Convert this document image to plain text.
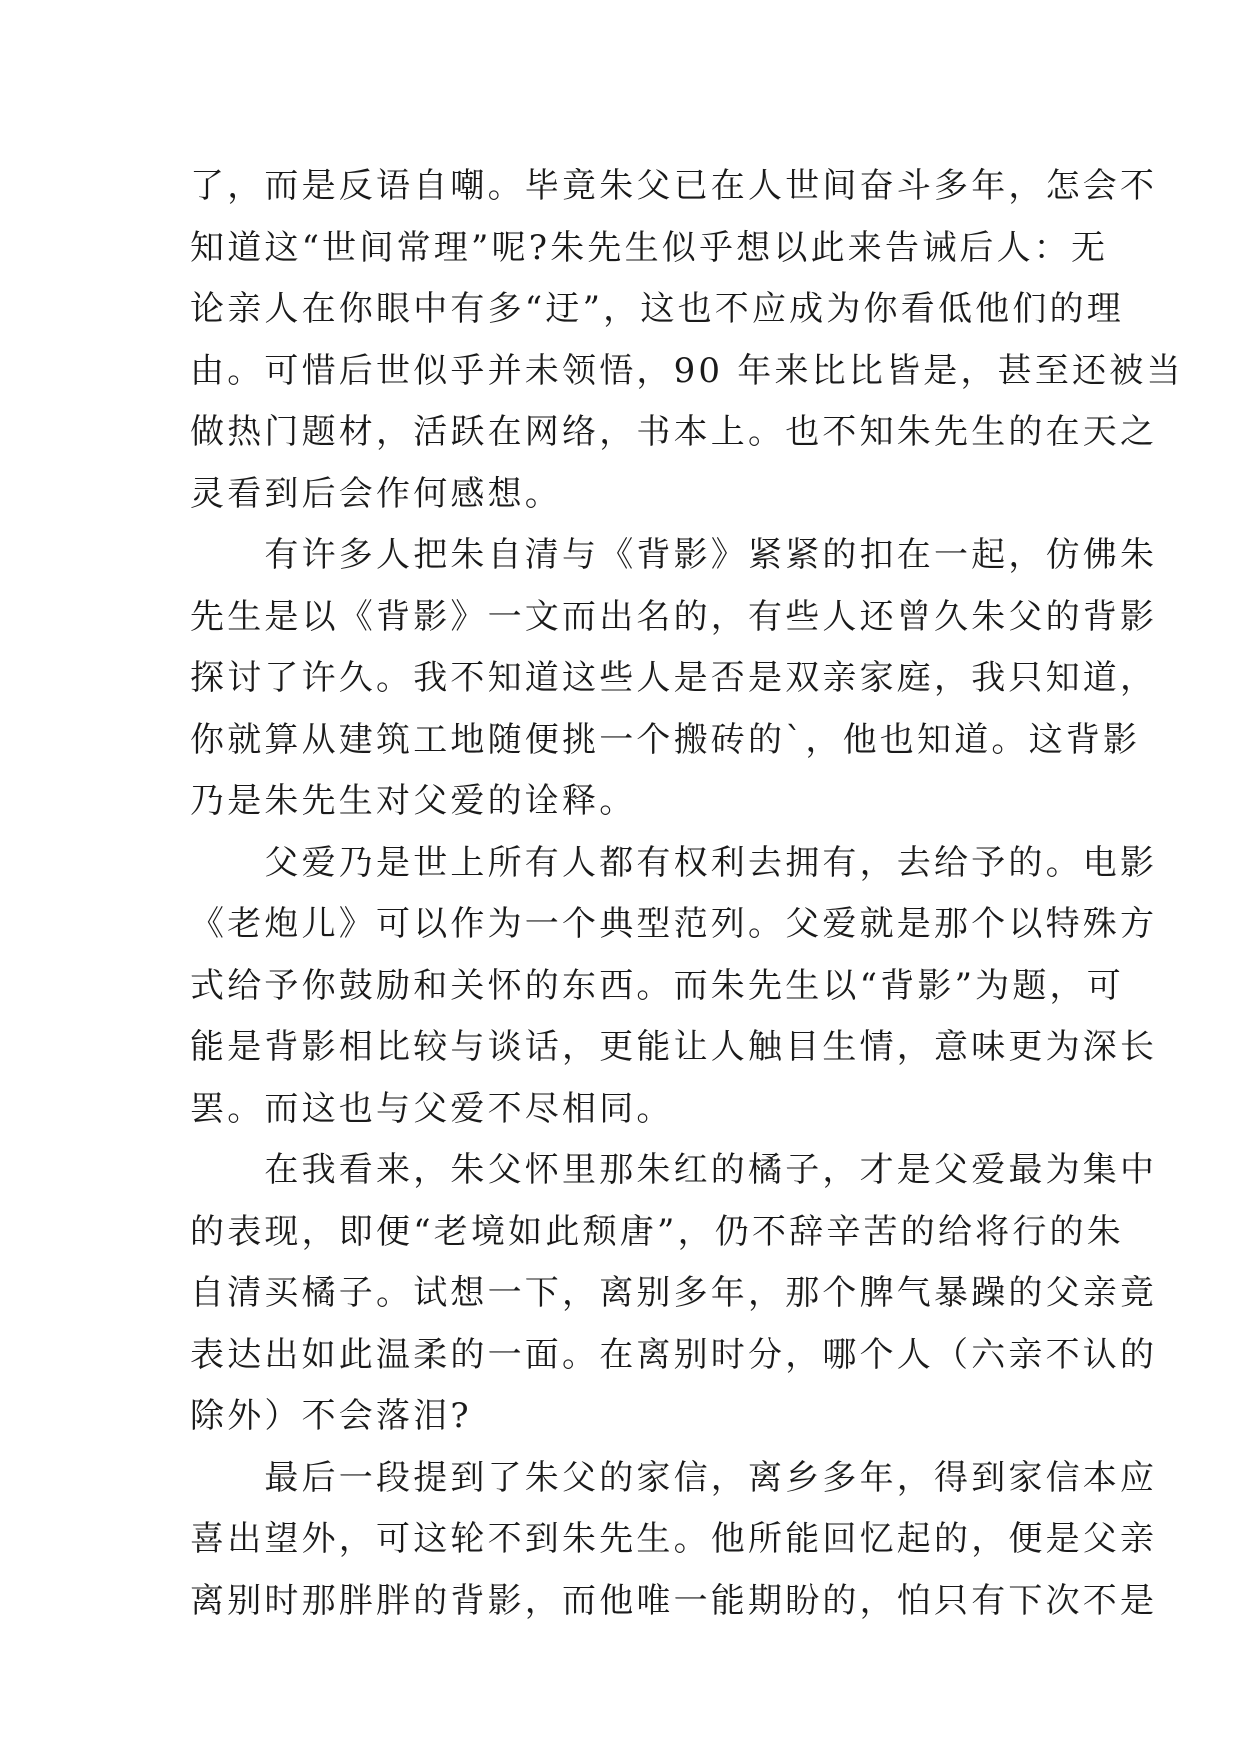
了，而是反语自嘲。毕竟朱父已在人世间奋斗多年，怎会不
知道这“世间常理”呢?朱先生似乎想以此来告诫后人：无
论亲人在你眼中有多“迂”，这也不应成为你看低他们的理
由。可惜后世似乎并未领悟，90 年来比比皆是，甚至还被当
做热门题材，活跃在网络，书本上。也不知朱先生的在天之
灵看到后会作何感想。
　　有许多人把朱自清与《背影》紧紧的扣在一起，仿佛朱
先生是以《背影》一文而出名的，有些人还曾久朱父的背影
探讨了许久。我不知道这些人是否是双亲家庭，我只知道，
你就算从建筑工地随便挑一个搬砖的`，他也知道。这背影
乃是朱先生对父爱的诠释。
　　父爱乃是世上所有人都有权利去拥有，去给予的。电影
《老炮儿》可以作为一个典型范列。父爱就是那个以特殊方
式给予你鼓励和关怀的东西。而朱先生以“背影”为题，可
能是背影相比较与谈话，更能让人触目生情，意味更为深长
罢。而这也与父爱不尽相同。
　　在我看来，朱父怀里那朱红的橘子，才是父爱最为集中
的表现，即便“老境如此颓唐”，仍不辞辛苦的给将行的朱
自清买橘子。试想一下，离别多年，那个脾气暴躁的父亲竟
表达出如此温柔的一面。在离别时分，哪个人（六亲不认的
除外）不会落泪?
　　最后一段提到了朱父的家信，离乡多年，得到家信本应
喜出望外，可这轮不到朱先生。他所能回忆起的，便是父亲
离别时那胖胖的背影，而他唯一能期盼的，怕只有下次不是
